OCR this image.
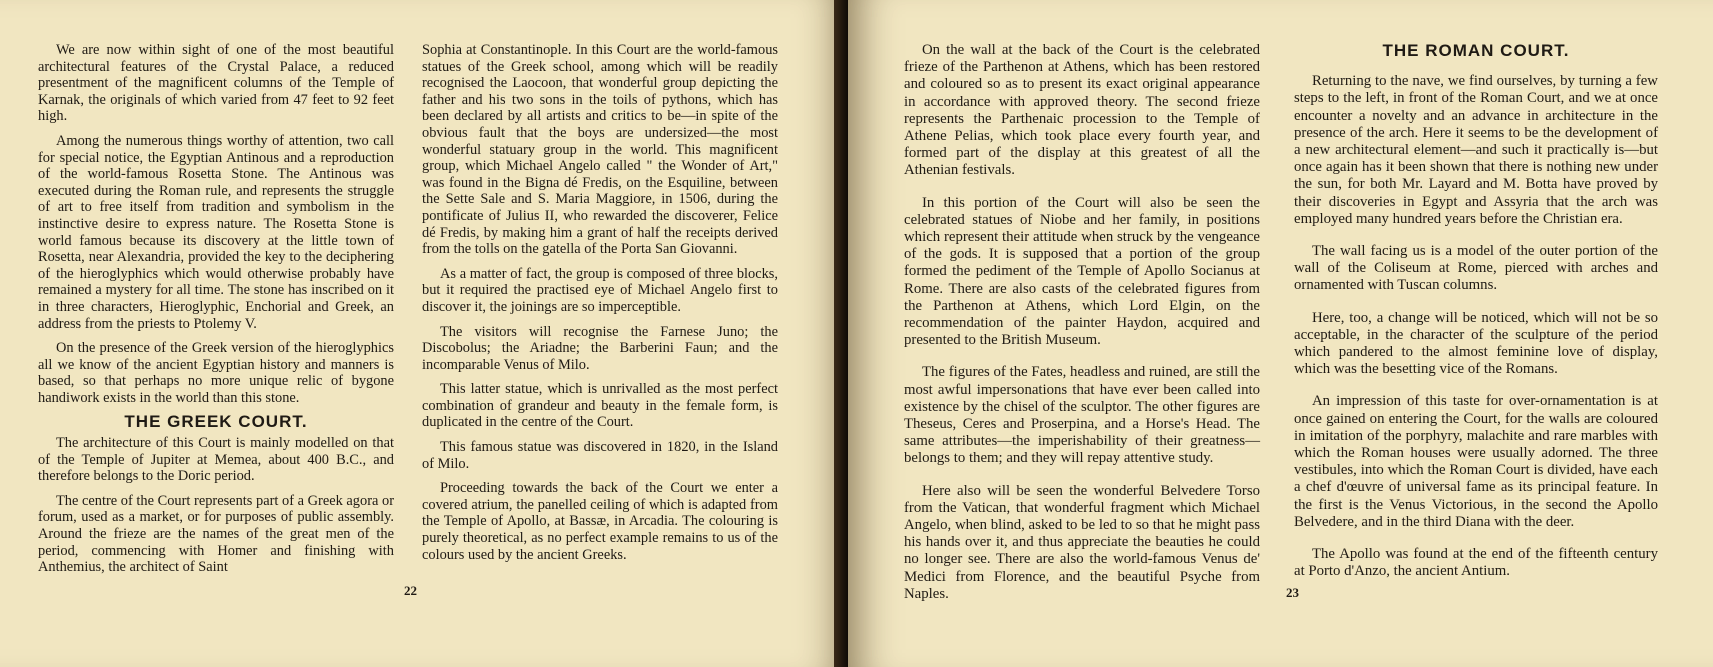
We are now within sight of one of the most beautiful architectural features of the Crystal Palace, a reduced presentment of the magnificent columns of the Temple of Karnak, the originals of which varied from 47 feet to 92 feet high.

Among the numerous things worthy of attention, two call for special notice, the Egyptian Antinous and a reproduction of the world-famous Rosetta Stone. The Antinous was executed during the Roman rule, and represents the struggle of art to free itself from tradition and symbolism in the instinctive desire to express nature. The Rosetta Stone is world famous because its discovery at the little town of Rosetta, near Alexandria, provided the key to the deciphering of the hieroglyphics which would otherwise probably have remained a mystery for all time. The stone has inscribed on it in three characters, Hieroglyphic, Enchorial and Greek, an address from the priests to Ptolemy V.

On the presence of the Greek version of the hieroglyphics all we know of the ancient Egyptian history and manners is based, so that perhaps no more unique relic of bygone handiwork exists in the world than this stone.

THE GREEK COURT.

The architecture of this Court is mainly modelled on that of the Temple of Jupiter at Memea, about 400 B.C., and therefore belongs to the Doric period.

The centre of the Court represents part of a Greek agora or forum, used as a market, or for purposes of public assembly. Around the frieze are the names of the great men of the period, commencing with Homer and finishing with Anthemius, the architect of Saint

Sophia at Constantinople. In this Court are the world-famous statues of the Greek school, among which will be readily recognised the Laocoon, that wonderful group depicting the father and his two sons in the toils of pythons, which has been declared by all artists and critics to be—in spite of the obvious fault that the boys are undersized—the most wonderful statuary group in the world. This magnificent group, which Michael Angelo called " the Wonder of Art," was found in the Bigna dé Fredis, on the Esquiline, between the Sette Sale and S. Maria Maggiore, in 1506, during the pontificate of Julius II, who rewarded the discoverer, Felice dé Fredis, by making him a grant of half the receipts derived from the tolls on the gatella of the Porta San Giovanni.

As a matter of fact, the group is composed of three blocks, but it required the practised eye of Michael Angelo first to discover it, the joinings are so imperceptible.

The visitors will recognise the Farnese Juno; the Discobolus; the Ariadne; the Barberini Faun; and the incomparable Venus of Milo.

This latter statue, which is unrivalled as the most perfect combination of grandeur and beauty in the female form, is duplicated in the centre of the Court.

This famous statue was discovered in 1820, in the Island of Milo.

Proceeding towards the back of the Court we enter a covered atrium, the panelled ceiling of which is adapted from the Temple of Apollo, at Bassæ, in Arcadia. The colouring is purely theoretical, as no perfect example remains to us of the colours used by the ancient Greeks.

22

On the wall at the back of the Court is the celebrated frieze of the Parthenon at Athens, which has been restored and coloured so as to present its exact original appearance in accordance with approved theory. The second frieze represents the Parthenaic procession to the Temple of Athene Pelias, which took place every fourth year, and formed part of the display at this greatest of all the Athenian festivals.

In this portion of the Court will also be seen the celebrated statues of Niobe and her family, in positions which represent their attitude when struck by the vengeance of the gods. It is supposed that a portion of the group formed the pediment of the Temple of Apollo Socianus at Rome. There are also casts of the celebrated figures from the Parthenon at Athens, which Lord Elgin, on the recommendation of the painter Haydon, acquired and presented to the British Museum.

The figures of the Fates, headless and ruined, are still the most awful impersonations that have ever been called into existence by the chisel of the sculptor. The other figures are Theseus, Ceres and Proserpina, and a Horse's Head. The same attributes—the imperishability of their greatness—belongs to them; and they will repay attentive study.

Here also will be seen the wonderful Belvedere Torso from the Vatican, that wonderful fragment which Michael Angelo, when blind, asked to be led to so that he might pass his hands over it, and thus appreciate the beauties he could no longer see. There are also the world-famous Venus de' Medici from Florence, and the beautiful Psyche from Naples.

THE ROMAN COURT.

Returning to the nave, we find ourselves, by turning a few steps to the left, in front of the Roman Court, and we at once encounter a novelty and an advance in architecture in the presence of the arch. Here it seems to be the development of a new architectural element—and such it practically is—but once again has it been shown that there is nothing new under the sun, for both Mr. Layard and M. Botta have proved by their discoveries in Egypt and Assyria that the arch was employed many hundred years before the Christian era.

The wall facing us is a model of the outer portion of the wall of the Coliseum at Rome, pierced with arches and ornamented with Tuscan columns.

Here, too, a change will be noticed, which will not be so acceptable, in the character of the sculpture of the period which pandered to the almost feminine love of display, which was the besetting vice of the Romans.

An impression of this taste for over-ornamentation is at once gained on entering the Court, for the walls are coloured in imitation of the porphyry, malachite and rare marbles with which the Roman houses were usually adorned. The three vestibules, into which the Roman Court is divided, have each a chef d'œuvre of universal fame as its principal feature. In the first is the Venus Victorious, in the second the Apollo Belvedere, and in the third Diana with the deer.

The Apollo was found at the end of the fifteenth century at Porto d'Anzo, the ancient Antium.

23
